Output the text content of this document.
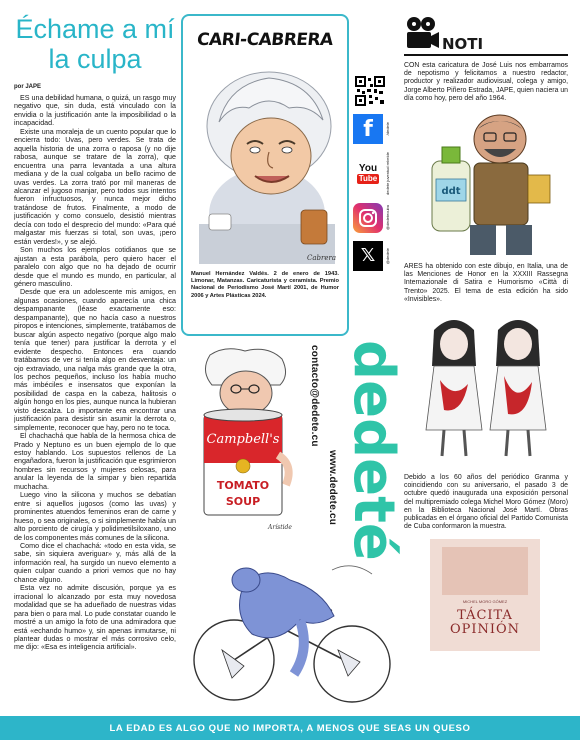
Échame a mí la culpa
por JAPE

ES una debilidad humana, o quizá, un rasgo muy negativo que, sin duda, está vinculado con la envidia o la justificación ante la imposibilidad o la incapacidad.

Existe una moraleja de un cuento popular que lo encierra todo: Uvas, pero verdes. Se trata de aquella historia de una zorra o raposa (y no dije rabosa, aunque se tratare de la zorra), que encuentra una parra levantada a una altura mediana y de la cual colgaba un bello racimo de uvas verdes. La zorra trató por mil maneras de alcanzar el jugoso manjar, pero todos sus intentos fueron infructuosos, y nunca mejor dicho tratándose de frutos. Finalmente, a modo de justificación y como consuelo, desistió mientras decía con todo el desprecio del mundo: «Para qué malgastar mis fuerzas si total, son uvas, ¡pero están verdes!», y se alejó.

Son muchos los ejemplos cotidianos que se ajustan a esta parábola, pero quiero hacer el paralelo con algo que no ha dejado de ocurrir desde que el mundo es mundo, en particular, al género masculino.

Desde que era un adolescente mis amigos, en algunas ocasiones, cuando aparecía una chica despampanante (léase exactamente eso: despampanante), que no hacía caso a nuestros piropos e intenciones, simplemente, tratábamos de buscar algún aspecto negativo (porque algo malo tenía que tener) para justificar la derrota y el evidente despecho. Entonces era cuando tratábamos de ver si tenía algo en desventaja: un ojo extraviado, una nalga más grande que la otra, los pechos pequeños, incluso los había mucho más imbéciles e insensatos que exponían la posibilidad de caspa en la cabeza, halitosis o algún hongo en los pies, aunque nunca la hubieran visto descalza. Lo importante era encontrar una justificación para desistir sin asumir la derrota o, simplemente, reconocer que hay, pero no te toca.

El chachachá que habla de la hermosa chica de Prado y Neptuno es un buen ejemplo de lo que estoy hablando. Los supuestos rellenos de La engañadora, fueron la justificación que esgrimieron hombres sin recursos y mujeres celosas, para anular la leyenda de la simpar y bien repartida muchacha.

Luego vino la silicona y muchos se debatían entre si aquellos jugosos (como las uvas) y prominentes atuendos femeninos eran de carne y hueso, o sea originales, o si simplemente había un alto porciento de cirugía y polidimetilsiloxano, uno de los componentes más comunes de la silicona.

Como dice el chachachá: «todo en esta vida, se sabe, sin siquiera averiguar» y, más allá de la información real, ha surgido un nuevo elemento a quien culpar cuando a priori vemos que no hay chance alguno.

Esta vez no admite discusión, porque ya es irracional lo alcanzado por esta muy novedosa modalidad que se ha adueñado de nuestras vidas para bien o para mal. Lo pude constatar cuando le mostré a un amigo la foto de una admiradora que está «echando humo» y, sin apenas inmutarse, ni plantear dudas o mostrar el más corrosivo celo, me dijo: «Esa es inteligencia artificial».

CARI-CABRERA
Cabrera
Manuel Hernández Valdés. 2 de enero de 1943. Limonar, Matanzas. Caricaturista y ceramista. Premio Nacional de Periodismo José Martí 2001, de Humor 2006 y Artes Plásticas 2024.
f	/dedete
You
Tube	dedete juventud rebelde
@dedetecuba
𝕏 @dedete
Campbell's
TOMATO
SOUP
Arístide
contacto@dedete.cu
www.dedete.cu dedeté
NOTI

CON esta caricatura de José Luis nos embarramos de nepotismo y felicitamos a nuestro redactor, productor y realizador audiovisual, colega y amigo, Jorge Alberto Piñero Estrada, JAPE, quien naciera un día como hoy, pero del año 1964.

ddt

ARES ha obtenido con este dibujo, en Italia, una de las Menciones de Honor en la XXXIII Rassegna Internazionale di Satira e Humorismo «Città di Trento» 2025. El tema de esta edición ha sido «Invisibles».

Debido a los 60 años del periódico Granma y coincidiendo con su aniversario, el pasado 3 de octubre quedó inaugurada una exposición personal del multipremiado colega Michel Moro Gómez (Moro) en la Biblioteca Nacional José Martí. Obras publicadas en el órgano oficial del Partido Comunista de Cuba conformaron la muestra.

MICHEL MORO GÓMEZ
TÁCITA OPINIÓN
LA EDAD ES ALGO QUE NO IMPORTA, A MENOS QUE SEAS UN QUESO
